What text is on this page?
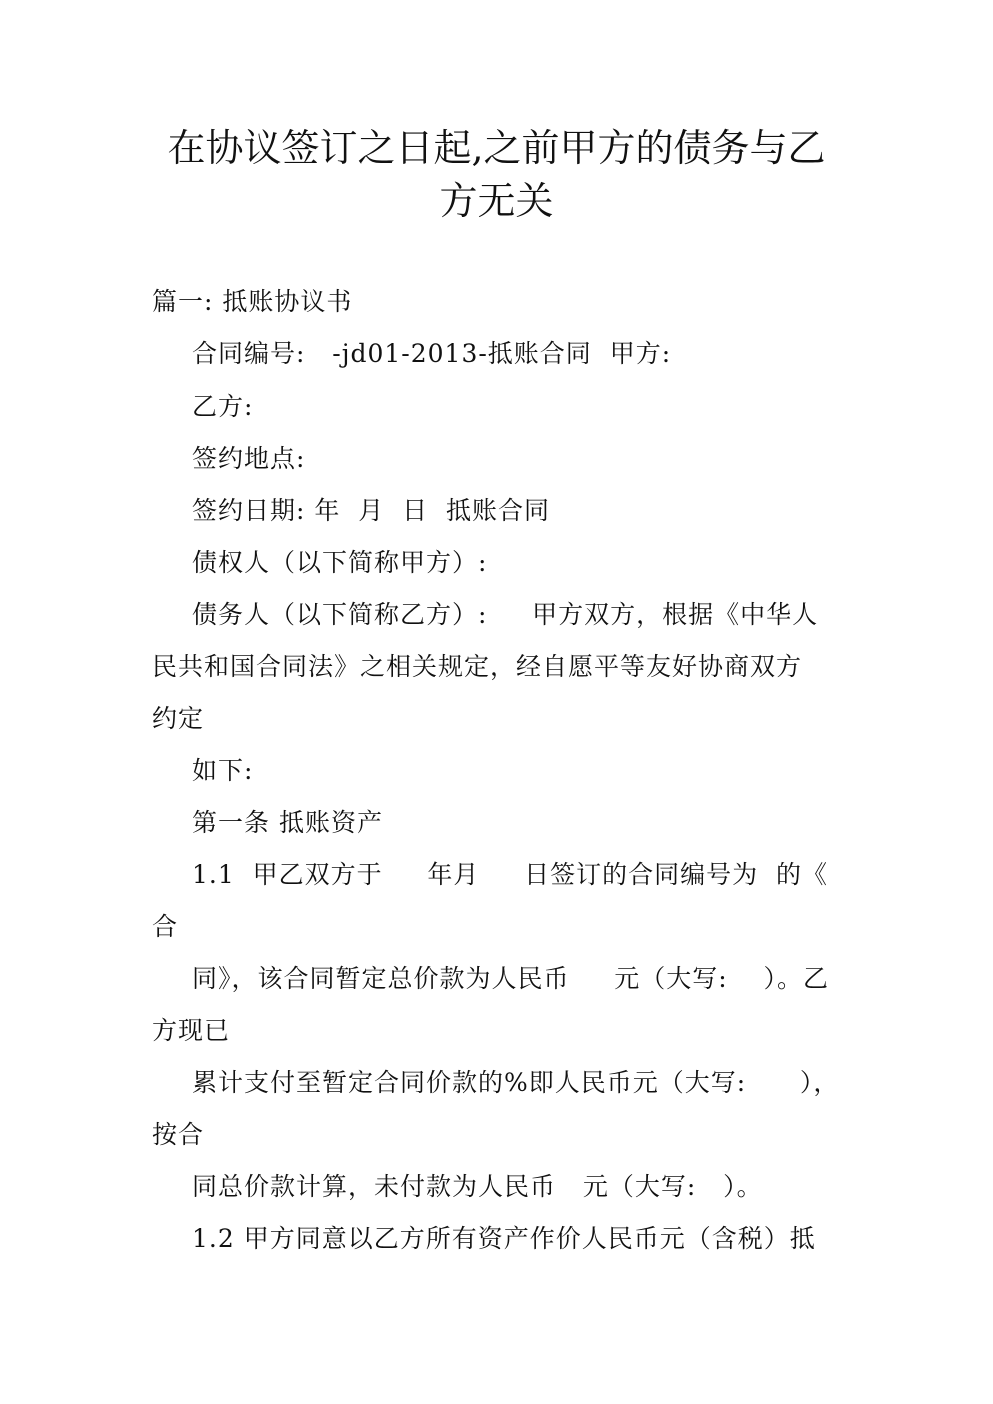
在协议签订之日起,之前甲方的债务与乙
方无关
篇一: 抵账协议书
合同编号:   -jd01-2013-抵账合同  甲方:
乙方:
签约地点:
签约日期: 年  月  日  抵账合同
债权人（以下简称甲方）:
债务人（以下简称乙方）:     甲方双方，根据《中华人
民共和国合同法》之相关规定，经自愿平等友好协商双方
约定
如下:
第一条 抵账资产
1.1  甲乙双方于     年月     日签订的合同编号为  的《
合
同》，该合同暂定总价款为人民币     元（大写:    ）。乙
方现已
累计支付至暂定合同价款的%即人民币元（大写:      ），
按合
同总价款计算，未付款为人民币   元（大写:   ）。
1.2 甲方同意以乙方所有资产作价人民币元（含税）抵
